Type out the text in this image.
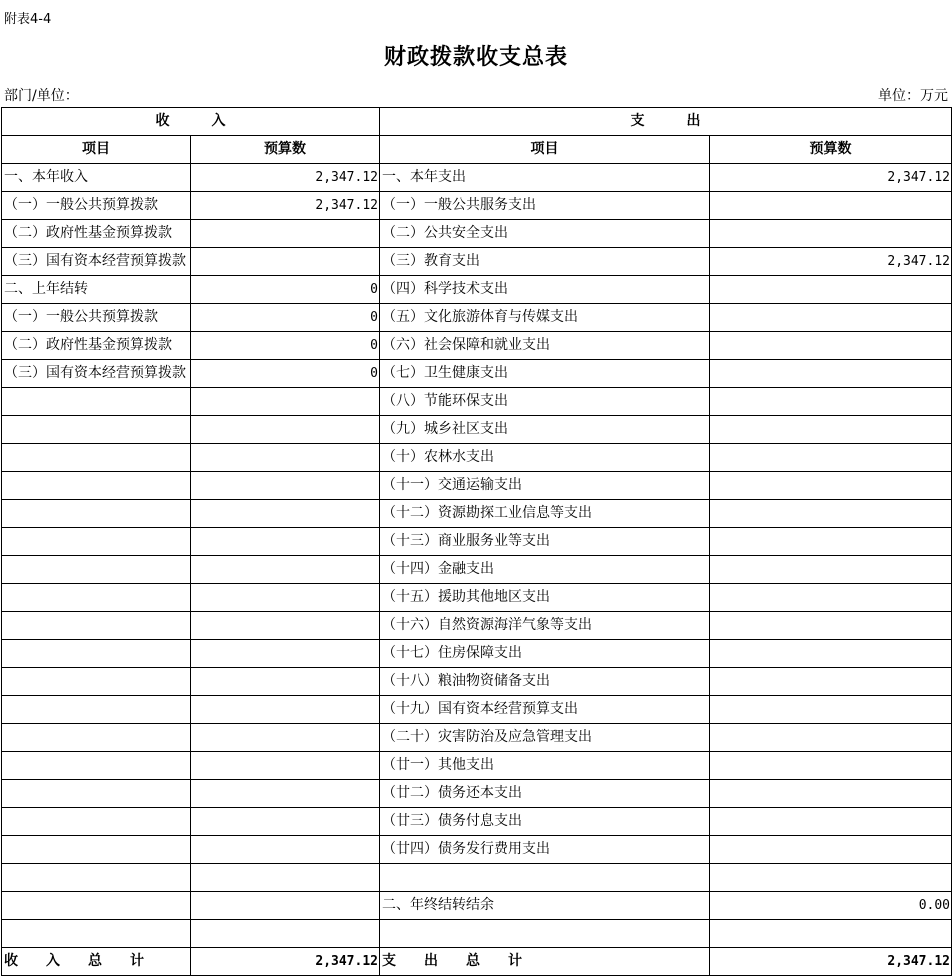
附表4-4
财政拨款收支总表
部门/单位：	单位：万元
收　　　入		支　　　出	
项目	预算数	项目	预算数
一、本年收入	2,347.12	一、本年支出	2,347.12
（一）一般公共预算拨款	2,347.12	（一）一般公共服务支出	
（二）政府性基金预算拨款		（二）公共安全支出	
（三）国有资本经营预算拨款		（三）教育支出	2,347.12
二、上年结转	0	（四）科学技术支出	
（一）一般公共预算拨款	0	（五）文化旅游体育与传媒支出	
（二）政府性基金预算拨款	0	（六）社会保障和就业支出	
（三）国有资本经营预算拨款	0	（七）卫生健康支出	
		（八）节能环保支出	
		（九）城乡社区支出	
		（十）农林水支出	
		（十一）交通运输支出	
		（十二）资源勘探工业信息等支出	
		（十三）商业服务业等支出	
		（十四）金融支出	
		（十五）援助其他地区支出	
		（十六）自然资源海洋气象等支出	
		（十七）住房保障支出	
		（十八）粮油物资储备支出	
		（十九）国有资本经营预算支出	
		（二十）灾害防治及应急管理支出	
		（廿一）其他支出	
		（廿二）债务还本支出	
		（廿三）债务付息支出	
		（廿四）债务发行费用支出	

		二、年终结转结余	0.00

收　　入　　总　　计	2,347.12	支　　出　　总　　计	2,347.12
